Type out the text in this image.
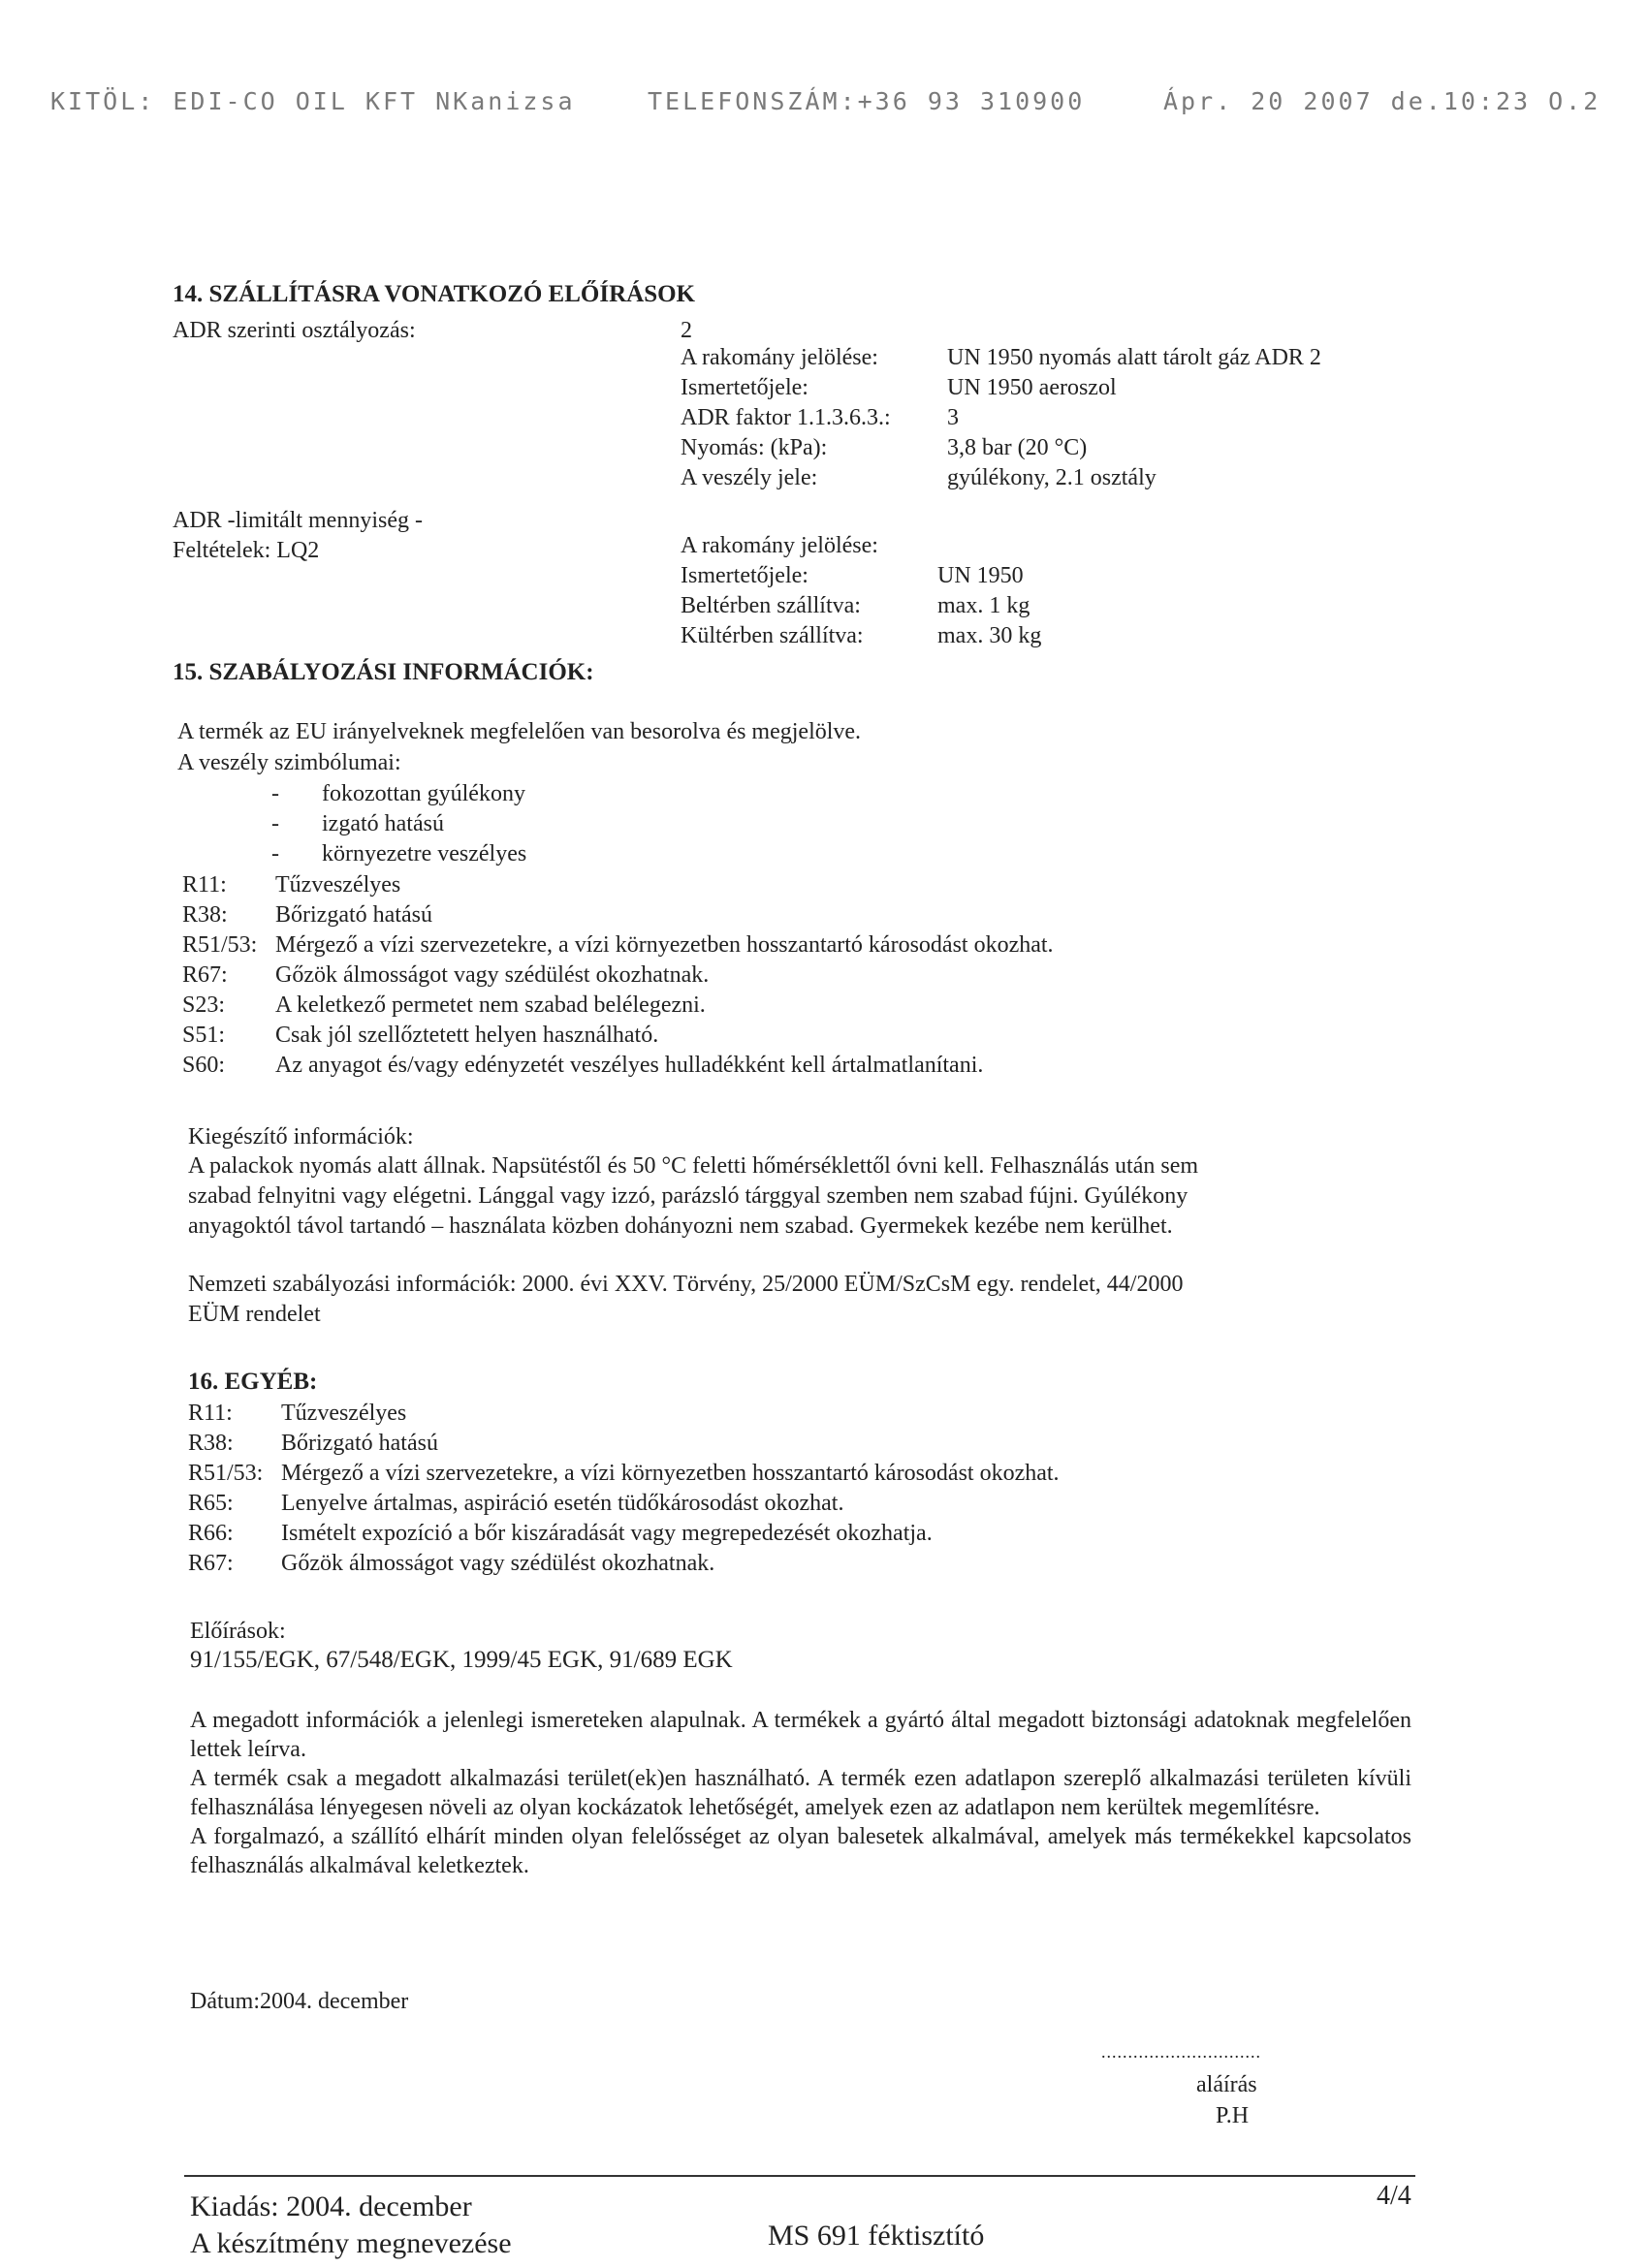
KITÖL: EDI-CO OIL KFT NKanizsa	TELEFONSZÁM:+36 93 310900	Ápr. 20 2007 de.10:23 O.2
14. SZÁLLÍTÁSRA VONATKOZÓ ELŐÍRÁSOK
ADR szerinti osztályozás:	2
A rakomány jelölése:	UN 1950 nyomás alatt tárolt gáz ADR 2
Ismertetőjele:	UN 1950 aeroszol
ADR faktor 1.1.3.6.3.: 3
Nyomás: (kPa):	3,8 bar (20 °C)
A veszély jele:	gyúlékony, 2.1 osztály
ADR -limitált mennyiség -
Feltételek: LQ2	A rakomány jelölése:
Ismertetőjele:	UN 1950
Beltérben szállítva:	max. 1 kg
Kültérben szállítva:	max. 30 kg
15. SZABÁLYOZÁSI INFORMÁCIÓK:
A termék az EU irányelveknek megfelelően van besorolva és megjelölve.
A veszély szimbólumai:
- fokozottan gyúlékony
- izgató hatású
- környezetre veszélyes
R11: Tűzveszélyes
R38: Bőrizgató hatású
R51/53: Mérgező a vízi szervezetekre, a vízi környezetben hosszantartó károsodást okozhat.
R67: Gőzök álmosságot vagy szédülést okozhatnak.
S23: A keletkező permetet nem szabad belélegezni.
S51: Csak jól szellőztetett helyen használható.
S60: Az anyagot és/vagy edényzetét veszélyes hulladékként kell ártalmatlanítani.
Kiegészítő információk:
A palackok nyomás alatt állnak. Napsütéstől és 50 °C feletti hőmérséklettől óvni kell. Felhasználás után sem
szabad felnyitni vagy elégetni. Lánggal vagy izzó, parázsló tárggyal szemben nem szabad fújni. Gyúlékony
anyagoktól távol tartandó – használata közben dohányozni nem szabad. Gyermekek kezébe nem kerülhet.
Nemzeti szabályozási információk: 2000. évi XXV. Törvény, 25/2000 EÜM/SzCsM egy. rendelet, 44/2000
EÜM rendelet
16. EGYÉB:
R11: Tűzveszélyes
R38: Bőrizgató hatású
R51/53: Mérgező a vízi szervezetekre, a vízi környezetben hosszantartó károsodást okozhat.
R65: Lenyelve ártalmas, aspiráció esetén tüdőkárosodást okozhat.
R66: Ismételt expozíció a bőr kiszáradását vagy megrepedezését okozhatja.
R67: Gőzök álmosságot vagy szédülést okozhatnak.
Előírások:
91/155/EGK, 67/548/EGK, 1999/45 EGK, 91/689 EGK
A megadott információk a jelenlegi ismereteken alapulnak. A termékek a gyártó által megadott biztonsági adatoknak megfelelően lettek leírva.
A termék csak a megadott alkalmazási terület(ek)en használható. A termék ezen adatlapon szereplő alkalmazási területen kívüli felhasználása lényegesen növeli az olyan kockázatok lehetőségét, amelyek ezen az adatlapon nem kerültek megemlítésre.
A forgalmazó, a szállító elhárít minden olyan felelősséget az olyan balesetek alkalmával, amelyek más termékekkel kapcsolatos felhasználás alkalmával keletkeztek.
Dátum:2004. december
..............................
aláírás
P.H
Kiadás: 2004. december
A készítmény megnevezése	MS 691 féktisztító
4/4
